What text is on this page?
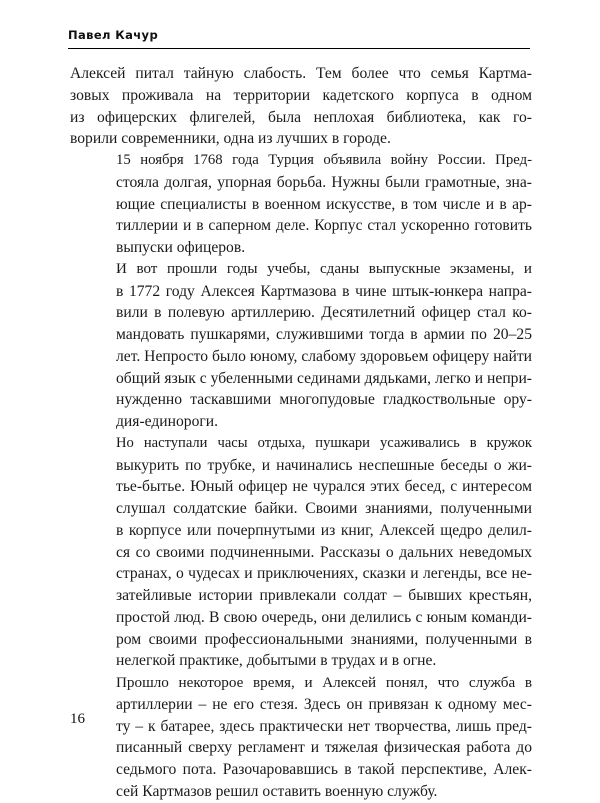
Павел Качур

Алексей питал тайную слабость. Тем более что семья Картма-
зовых проживала на территории кадетского корпуса в одном
из офицерских флигелей, была неплохая библиотека, как го-
ворили современники, одна из лучших в городе.

15 ноября 1768 года Турция объявила войну России. Пред-
стояла долгая, упорная борьба. Нужны были грамотные, зна-
ющие специалисты в военном искусстве, в том числе и в ар-
тиллерии и в саперном деле. Корпус стал ускоренно готовить
выпуски офицеров.

И вот прошли годы учебы, сданы выпускные экзамены, и
в 1772 году Алексея Картмазова в чине штык-юнкера напра-
вили в полевую артиллерию. Десятилетний офицер стал ко-
мандовать пушкарями, служившими тогда в армии по 20–25
лет. Непросто было юному, слабому здоровьем офицеру найти
общий язык с убеленными сединами дядьками, легко и непри-
нужденно таскавшими многопудовые гладкоствольные ору-
дия-единороги.

Но наступали часы отдыха, пушкари усаживались в кружок
выкурить по трубке, и начинались неспешные беседы о жи-
тье-бытье. Юный офицер не чурался этих бесед, с интересом
слушал солдатские байки. Своими знаниями, полученными
в корпусе или почерпнутыми из книг, Алексей щедро делил-
ся со своими подчиненными. Рассказы о дальних неведомых
странах, о чудесах и приключениях, сказки и легенды, все не-
затейливые истории привлекали солдат – бывших крестьян,
простой люд. В свою очередь, они делились с юным команди-
ром своими профессиональными знаниями, полученными в
нелегкой практике, добытыми в трудах и в огне.

Прошло некоторое время, и Алексей понял, что служба в
артиллерии – не его стезя. Здесь он привязан к одному мес-
ту – к батарее, здесь практически нет творчества, лишь пред-
писанный сверху регламент и тяжелая физическая работа до
седьмого пота. Разочаровавшись в такой перспективе, Алек-
сей Картмазов решил оставить военную службу.

16
